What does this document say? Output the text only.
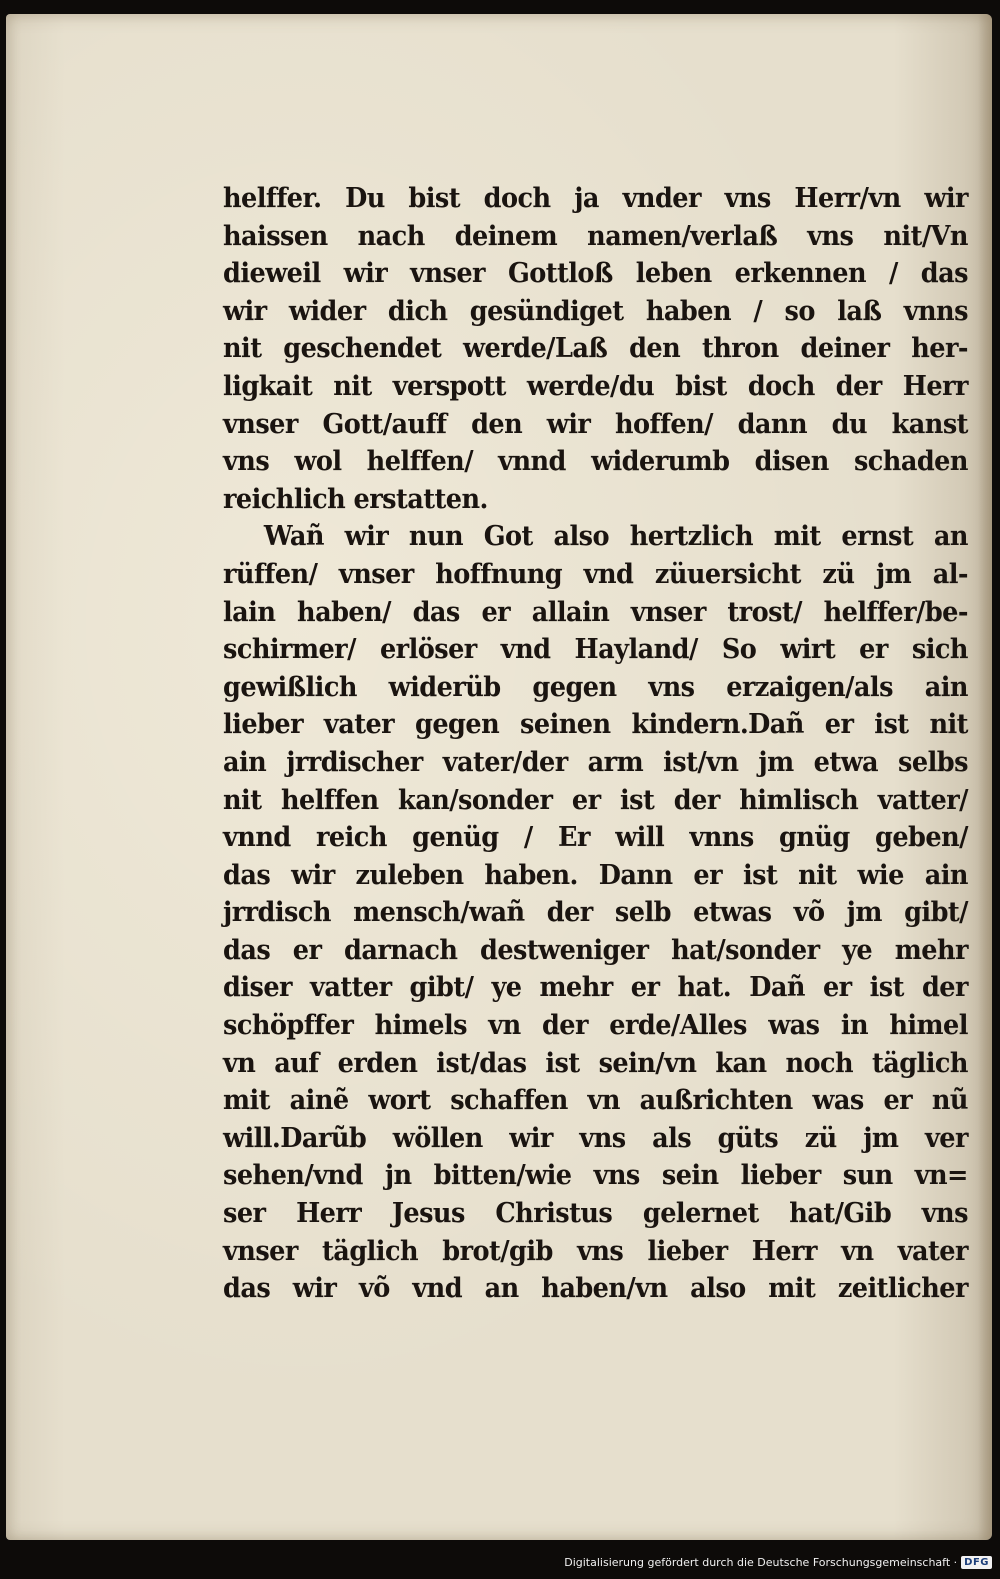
helffer. Du bist doch ja vnder vns Herr/vn wir
haissen nach deinem namen/verlaß vns nit/Vn
dieweil wir vnser Gottloß leben erkennen / das
wir wider dich gesündiget haben / so laß vnns
nit geschendet werde/Laß den thron deiner her-
ligkait nit verspott werde/du bist doch der Herr
vnser Gott/auff den wir hoffen/ dann du kanst
vns wol helffen/ vnnd widerumb disen schaden
reichlich erstatten.
Wañ wir nun Got also hertzlich mit ernst an
rüffen/ vnser hoffnung vnd züuersicht zü jm al-
lain haben/ das er allain vnser trost/ helffer/be-
schirmer/ erlöser vnd Hayland/ So wirt er sich
gewißlich widerüb gegen vns erzaigen/als ain
lieber vater gegen seinen kindern.Dañ er ist nit
ain jrrdischer vater/der arm ist/vn jm etwa selbs
nit helffen kan/sonder er ist der himlisch vatter/
vnnd reich genüg / Er will vnns gnüg geben/
das wir zuleben haben. Dann er ist nit wie ain
jrrdisch mensch/wañ der selb etwas võ jm gibt/
das er darnach destweniger hat/sonder ye mehr
diser vatter gibt/ ye mehr er hat. Dañ er ist der
schöpffer himels vn der erde/Alles was in himel
vn auf erden ist/das ist sein/vn kan noch täglich
mit ainẽ wort schaffen vn außrichten was er nũ
will.Darũb wöllen wir vns als güts zü jm ver
sehen/vnd jn bitten/wie vns sein lieber sun vn=
ser Herr Jesus Christus gelernet hat/Gib vns
vnser täglich brot/gib vns lieber Herr vn vater
das wir võ vnd an haben/vn also mit zeitlicher
Digitalisierung gefördert durch die Deutsche Forschungsgemeinschaft · DFG
